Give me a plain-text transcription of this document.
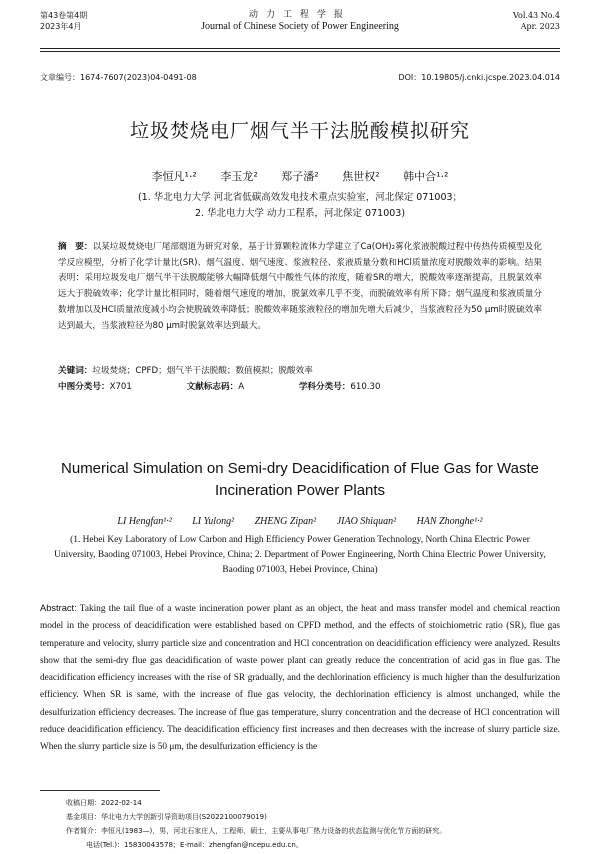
第43卷第4期
2023年4月
动力工程学报
Journal of Chinese Society of Power Engineering
Vol.43 No.4
Apr. 2023
文章编号：1674-7607(2023)04-0491-08	DOI：10.19805/j.cnki.jcspe.2023.04.014
垃圾焚烧电厂烟气半干法脱酸模拟研究
李恒凡¹·² 李玉龙² 郑子潘² 焦世权² 韩中合¹·²
(1. 华北电力大学 河北省低碳高效发电技术重点实验室，河北保定 071003；
2. 华北电力大学 动力工程系，河北保定 071003)
摘　要：以某垃圾焚烧电厂尾部烟道为研究对象，基于计算颗粒流体力学建立了Ca(OH)₂雾化浆液脱酸过程中传热传质模型及化学反应模型，分析了化学计量比(SR)、烟气温度、烟气速度、浆液粒径、浆液质量分数和HCl质量浓度对脱酸效率的影响。结果表明：采用垃圾发电厂烟气半干法脱酸能够大幅降低烟气中酸性气体的浓度，随着SR的增大，脱酸效率逐渐提高，且脱氯效率远大于脱硫效率；化学计量比相同时，随着烟气速度的增加，脱氯效率几乎不变，而脱硫效率有所下降；烟气温度和浆液质量分数增加以及HCl质量浓度减小均会使脱硫效率降低；脱酸效率随浆液粒径的增加先增大后减少，当浆液粒径为50 μm时脱硫效率达到最大，当浆液粒径为80 μm时脱氯效率达到最大。
关键词：垃圾焚烧；CPFD；烟气半干法脱酸；数值模拟；脱酸效率
中图分类号：X701	文献标志码：A	学科分类号：610.30
Numerical Simulation on Semi-dry Deacidification of Flue Gas for Waste Incineration Power Plants
LI Hengfan¹·² LI Yulong² ZHENG Zipan² JIAO Shiquan² HAN Zhonghe¹·²
(1. Hebei Key Laboratory of Low Carbon and High Efficiency Power Generation Technology, North China Electric Power University, Baoding 071003, Hebei Province, China; 2. Department of Power Engineering, North China Electric Power University, Baoding 071003, Hebei Province, China)
Abstract: Taking the tail flue of a waste incineration power plant as an object, the heat and mass transfer model and chemical reaction model in the process of deacidification were established based on CPFD method, and the effects of stoichiometric ratio (SR), flue gas temperature and velocity, slurry particle size and concentration and HCl concentration on deacidification efficiency were analyzed. Results show that the semi-dry flue gas deacidification of waste power plant can greatly reduce the concentration of acid gas in flue gas. The deacidification efficiency increases with the rise of SR gradually, and the dechlorination efficiency is much higher than the desulfurization efficiency. When SR is same, with the increase of flue gas velocity, the dechlorination efficiency is almost unchanged, while the desulfurization efficiency decreases. The increase of flue gas temperature, slurry concentration and the decrease of HCl concentration will reduce deacidification efficiency. The deacidification efficiency first increases and then decreases with the increase of slurry particle size. When the slurry particle size is 50 μm, the desulfurization efficiency is the
收稿日期：2022-02-14
基金项目：华北电力大学创新引导资助项目(S2022100079019)
作者简介：李恒凡(1983—)，男，河北石家庄人，工程师，硕士，主要从事电厂热力设备的状态监测与优化节方面的研究。
电话(Tel.)：15830043578；E-mail：zhengfan@ncepu.edu.cn。
